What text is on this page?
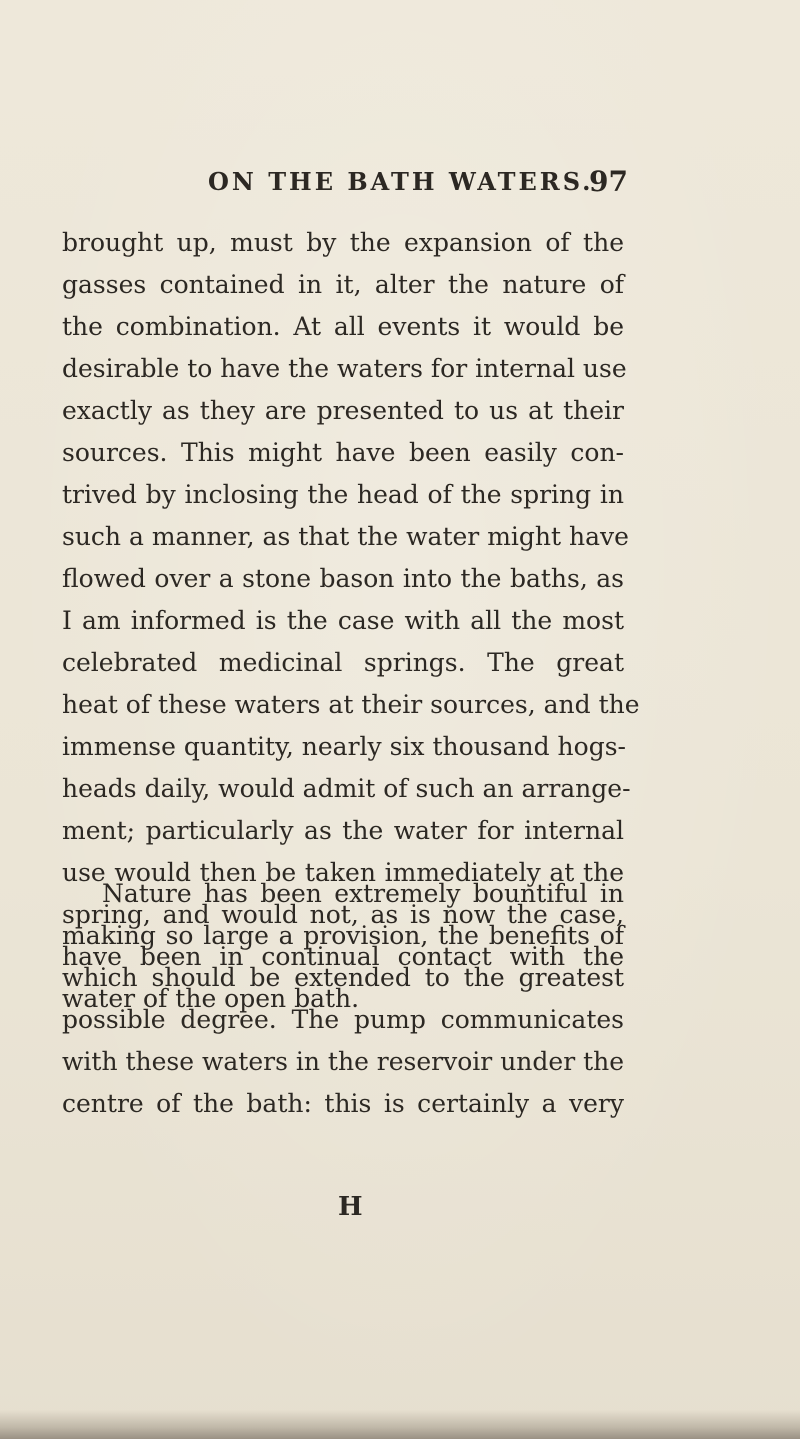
ON THE BATH WATERS.
97
brought up, must by the expansion of the
gasses contained in it, alter the nature of
the combination. At all events it would be
desirable to have the waters for internal use
exactly as they are presented to us at their
sources. This might have been easily con-
trived by inclosing the head of the spring in
such a manner, as that the water might have
flowed over a stone bason into the baths, as
I am informed is the case with all the most
celebrated medicinal springs. The great
heat of these waters at their sources, and the
immense quantity, nearly six thousand hogs-
heads daily, would admit of such an arrange-
ment; particularly as the water for internal
use would then be taken immediately at the
spring, and would not, as is now the case,
have been in continual contact with the
water of the open bath.
Nature has been extremely bountiful in
making so large a provision, the benefits of
which should be extended to the greatest
possible degree. The pump communicates
with these waters in the reservoir under the
centre of the bath: this is certainly a very
H
